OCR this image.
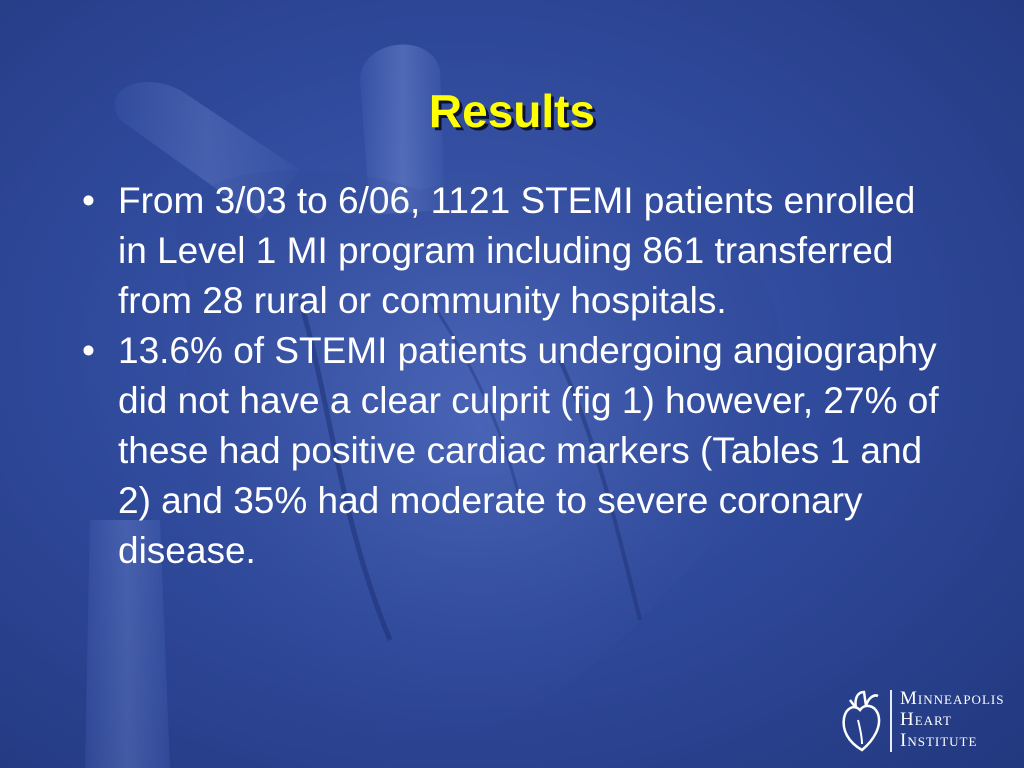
Results
• From 3/03 to 6/06, 1121 STEMI patients enrolled in Level 1 MI program including 861 transferred from 28 rural or community hospitals.
• 13.6% of STEMI patients undergoing angiography did not have a clear culprit (fig 1) however, 27% of these had positive cardiac markers (Tables 1 and 2) and 35% had moderate to severe coronary disease.
Minneapolis
Heart
Institute
